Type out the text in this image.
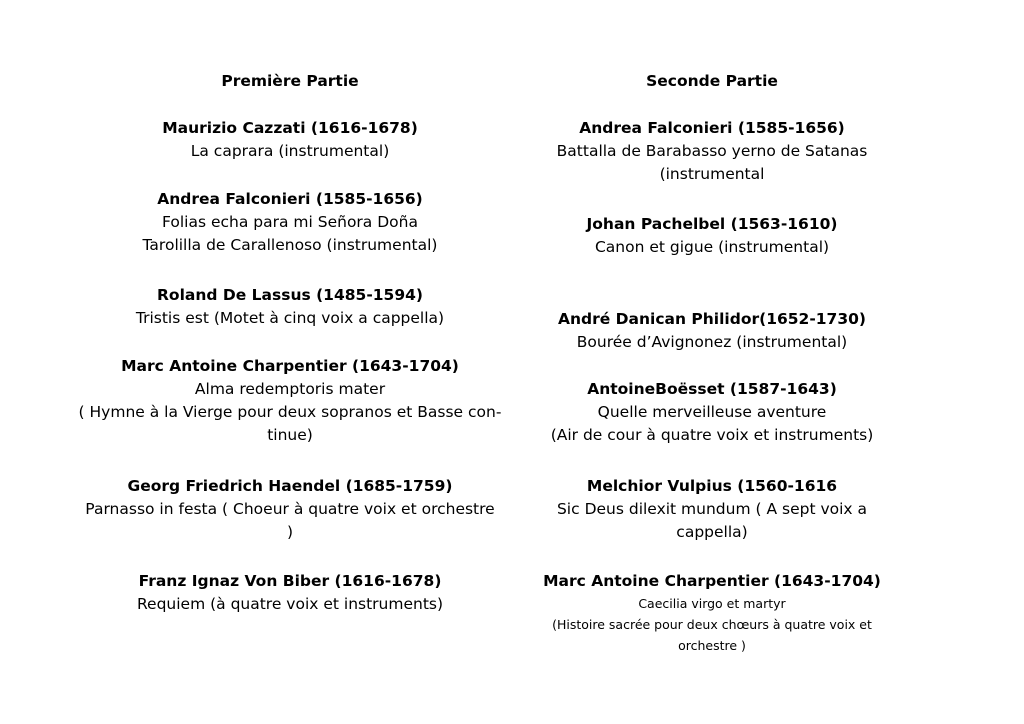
Première Partie
Maurizio Cazzati (1616-1678)
La caprara (instrumental)
Andrea Falconieri (1585-1656)
Folias echa para mi Señora Doña
Tarolilla de Carallenoso (instrumental)
Roland De Lassus (1485-1594)
Tristis est (Motet à cinq voix a cappella)
Marc Antoine Charpentier (1643-1704)
Alma redemptoris mater
( Hymne à la Vierge pour deux sopranos et Basse con-
tinue)
Georg Friedrich Haendel (1685-1759)
Parnasso in festa ( Choeur à quatre voix et orchestre
)
Franz Ignaz Von Biber (1616-1678)
Requiem (à quatre voix et instruments)
Seconde Partie
Andrea Falconieri (1585-1656)
Battalla de Barabasso yerno de Satanas
(instrumental
Johan Pachelbel (1563-1610)
Canon et gigue (instrumental)
André Danican Philidor(1652-1730)
Bourée d’Avignonez (instrumental)
AntoineBoësset (1587-1643)
Quelle merveilleuse aventure
(Air de cour à quatre voix et instruments)
Melchior Vulpius (1560-1616
Sic Deus dilexit mundum ( A sept voix a
cappella)
Marc Antoine Charpentier (1643-1704)
Caecilia virgo et martyr
(Histoire sacrée pour deux chœurs à quatre voix et
orchestre )
